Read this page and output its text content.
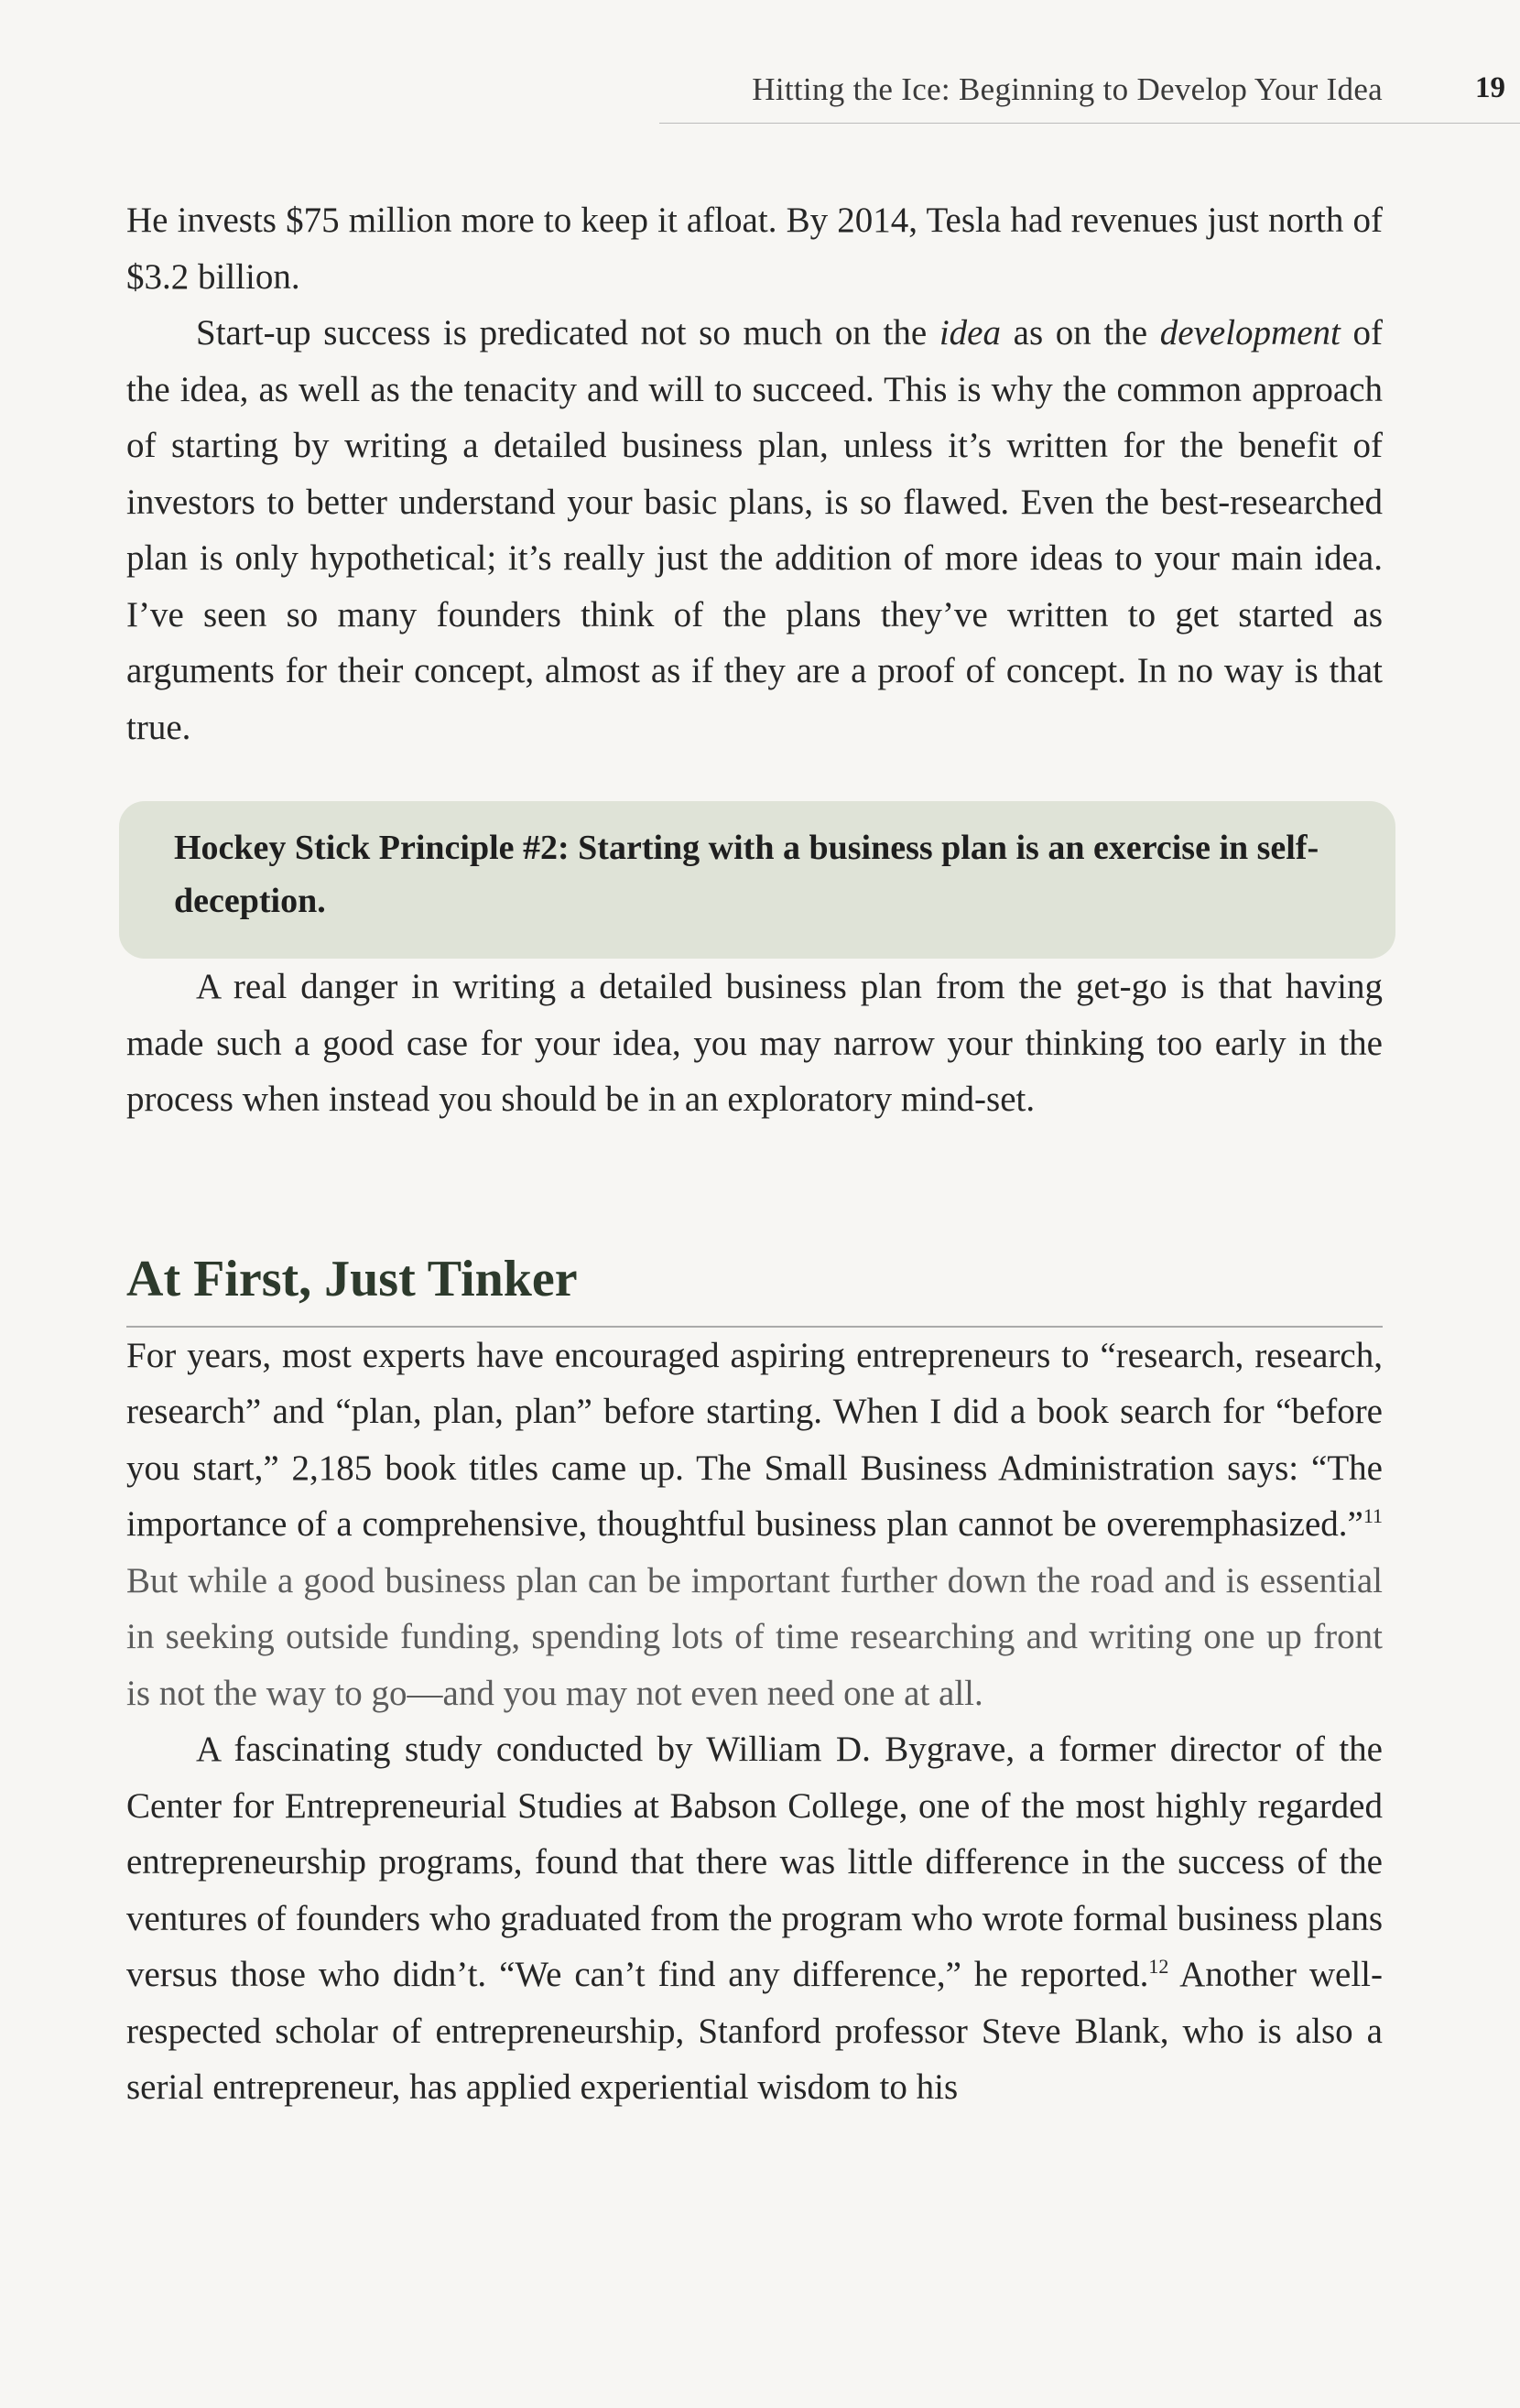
Hitting the Ice: Beginning to Develop Your Idea	19

He invests $75 million more to keep it afloat. By 2014, Tesla had revenues just north of $3.2 billion.

Start-up success is predicated not so much on the idea as on the development of the idea, as well as the tenacity and will to succeed. This is why the common approach of starting by writing a detailed business plan, unless it’s written for the benefit of investors to better understand your basic plans, is so flawed. Even the best-researched plan is only hypothetical; it’s really just the addition of more ideas to your main idea. I’ve seen so many founders think of the plans they’ve written to get started as arguments for their concept, almost as if they are a proof of concept. In no way is that true.

Hockey Stick Principle #2: Starting with a business plan is an exercise in self-deception.

A real danger in writing a detailed business plan from the get-go is that having made such a good case for your idea, you may narrow your thinking too early in the process when instead you should be in an exploratory mind-set.

At First, Just Tinker

For years, most experts have encouraged aspiring entrepreneurs to “research, research, research” and “plan, plan, plan” before starting. When I did a book search for “before you start,” 2,185 book titles came up. The Small Business Administration says: “The importance of a comprehensive, thoughtful business plan cannot be overemphasized.”$^{11}$ But while a good business plan can be important further down the road and is essential in seeking outside funding, spending lots of time researching and writing one up front is not the way to go—and you may not even need one at all.

A fascinating study conducted by William D. Bygrave, a former director of the Center for Entrepreneurial Studies at Babson College, one of the most highly regarded entrepreneurship programs, found that there was little difference in the success of the ventures of founders who graduated from the program who wrote formal business plans versus those who didn’t. “We can’t find any difference,” he reported.$^{12}$ Another well-respected scholar of entrepreneurship, Stanford professor Steve Blank, who is also a serial entrepreneur, has applied experiential wisdom to his
